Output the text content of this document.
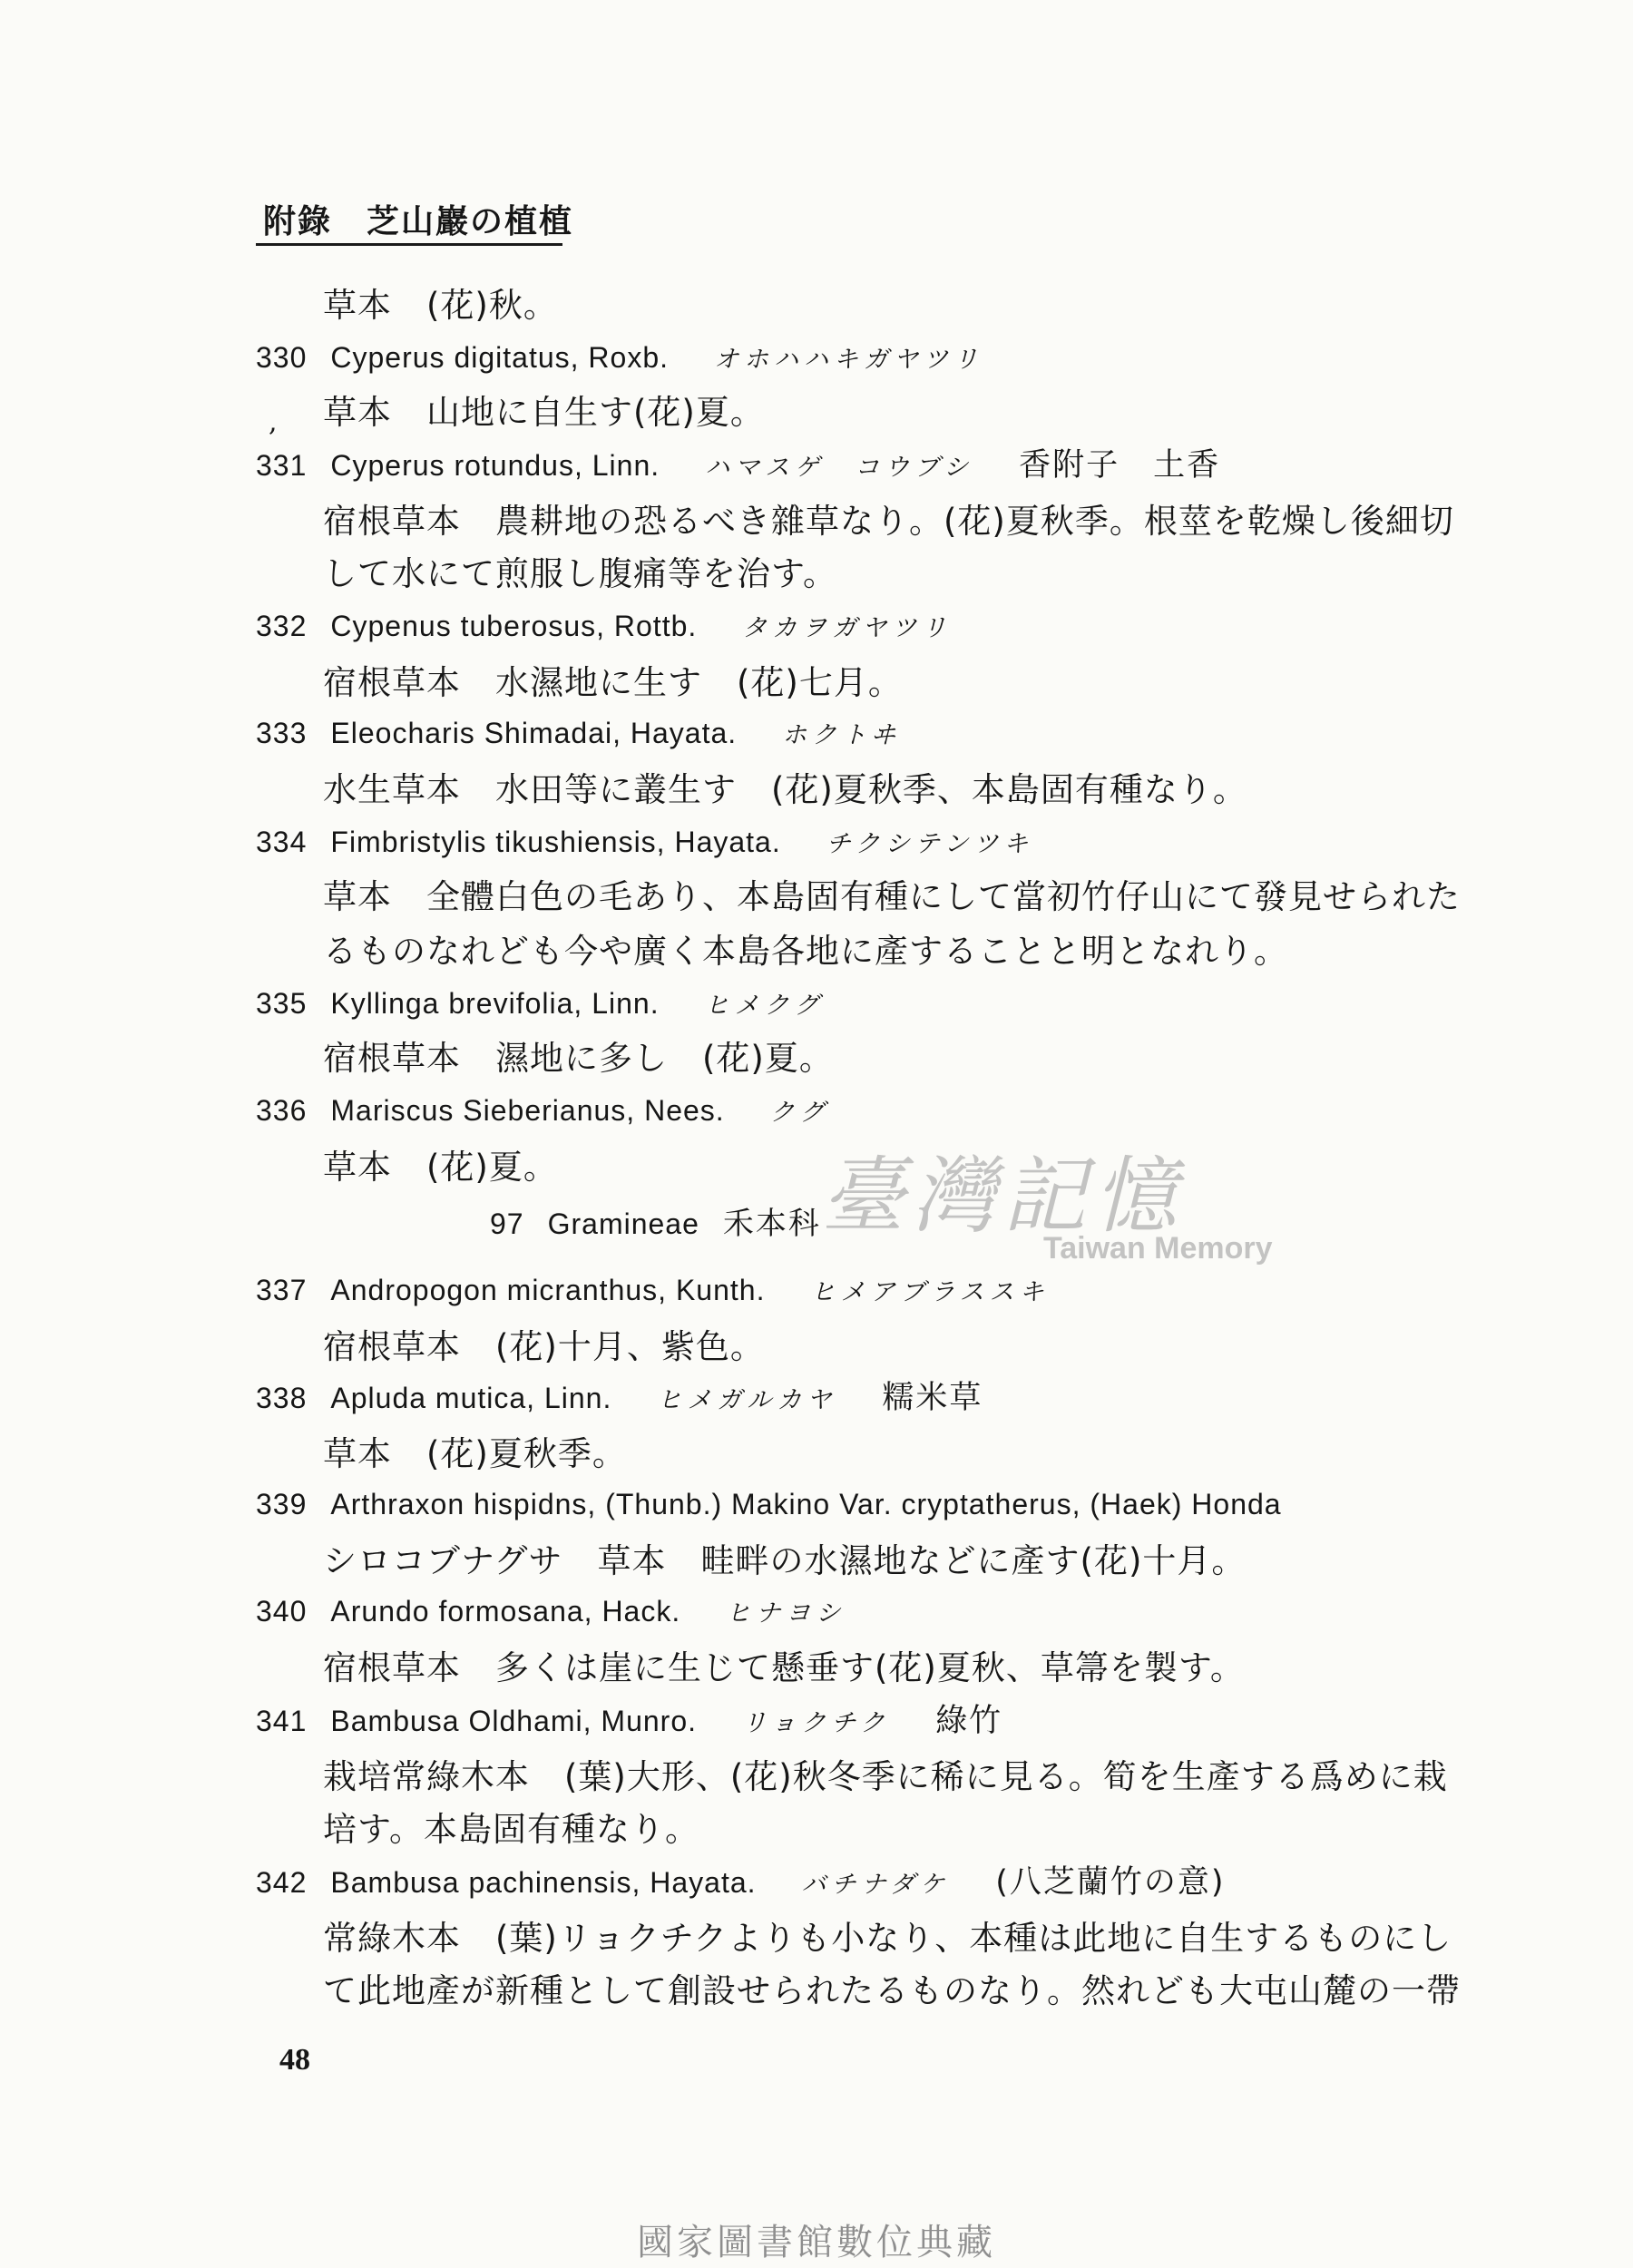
附錄　芝山巖の植植
,
草本　(花)秋。
330 Cyperus digitatus, Roxb. オホハハキガヤツリ
草本　山地に自生す(花)夏。
331 Cyperus rotundus, Linn. ハマスゲ　コウブシ 香附子　土香
宿根草本　農耕地の恐るべき雜草なり。(花)夏秋季。根莖を乾燥し後細切
して水にて煎服し腹痛等を治す。
332 Cypenus tuberosus, Rottb. タカヲガヤツリ
宿根草本　水濕地に生す　(花)七月。
333 Eleocharis Shimadai, Hayata. ホクトヰ
水生草本　水田等に叢生す　(花)夏秋季、本島固有種なり。
334 Fimbristylis tikushiensis, Hayata. チクシテンツキ
草本　全體白色の毛あり、本島固有種にして當初竹仔山にて發見せられた
るものなれども今や廣く本島各地に產することと明となれり。
335 Kyllinga brevifolia, Linn. ヒメクグ
宿根草本　濕地に多し　(花)夏。
336 Mariscus Sieberianus, Nees. クグ
草本　(花)夏。
97 Gramineae 禾本科
337 Andropogon micranthus, Kunth. ヒメアブラススキ
宿根草本　(花)十月、紫色。
338 Apluda mutica, Linn. ヒメガルカヤ 糯米草
草本　(花)夏秋季。
339 Arthraxon hispidns, (Thunb.) Makino Var. cryptatherus, (Haek) Honda
シロコブナグサ　草本　畦畔の水濕地などに產す(花)十月。
340 Arundo formosana, Hack. ヒナヨシ
宿根草本　多くは崖に生じて懸垂す(花)夏秋、草箒を製す。
341 Bambusa Oldhami, Munro. リョクチク 綠竹
栽培常綠木本　(葉)大形、(花)秋冬季に稀に見る。筍を生產する爲めに栽
培す。本島固有種なり。
342 Bambusa pachinensis, Hayata. バチナダケ (八芝蘭竹の意)
常綠木本　(葉)リョクチクよりも小なり、本種は此地に自生するものにし
て此地產が新種として創設せられたるものなり。然れども大屯山麓の一帶
臺灣記憶
Taiwan Memory
48
國家圖書館數位典藏
